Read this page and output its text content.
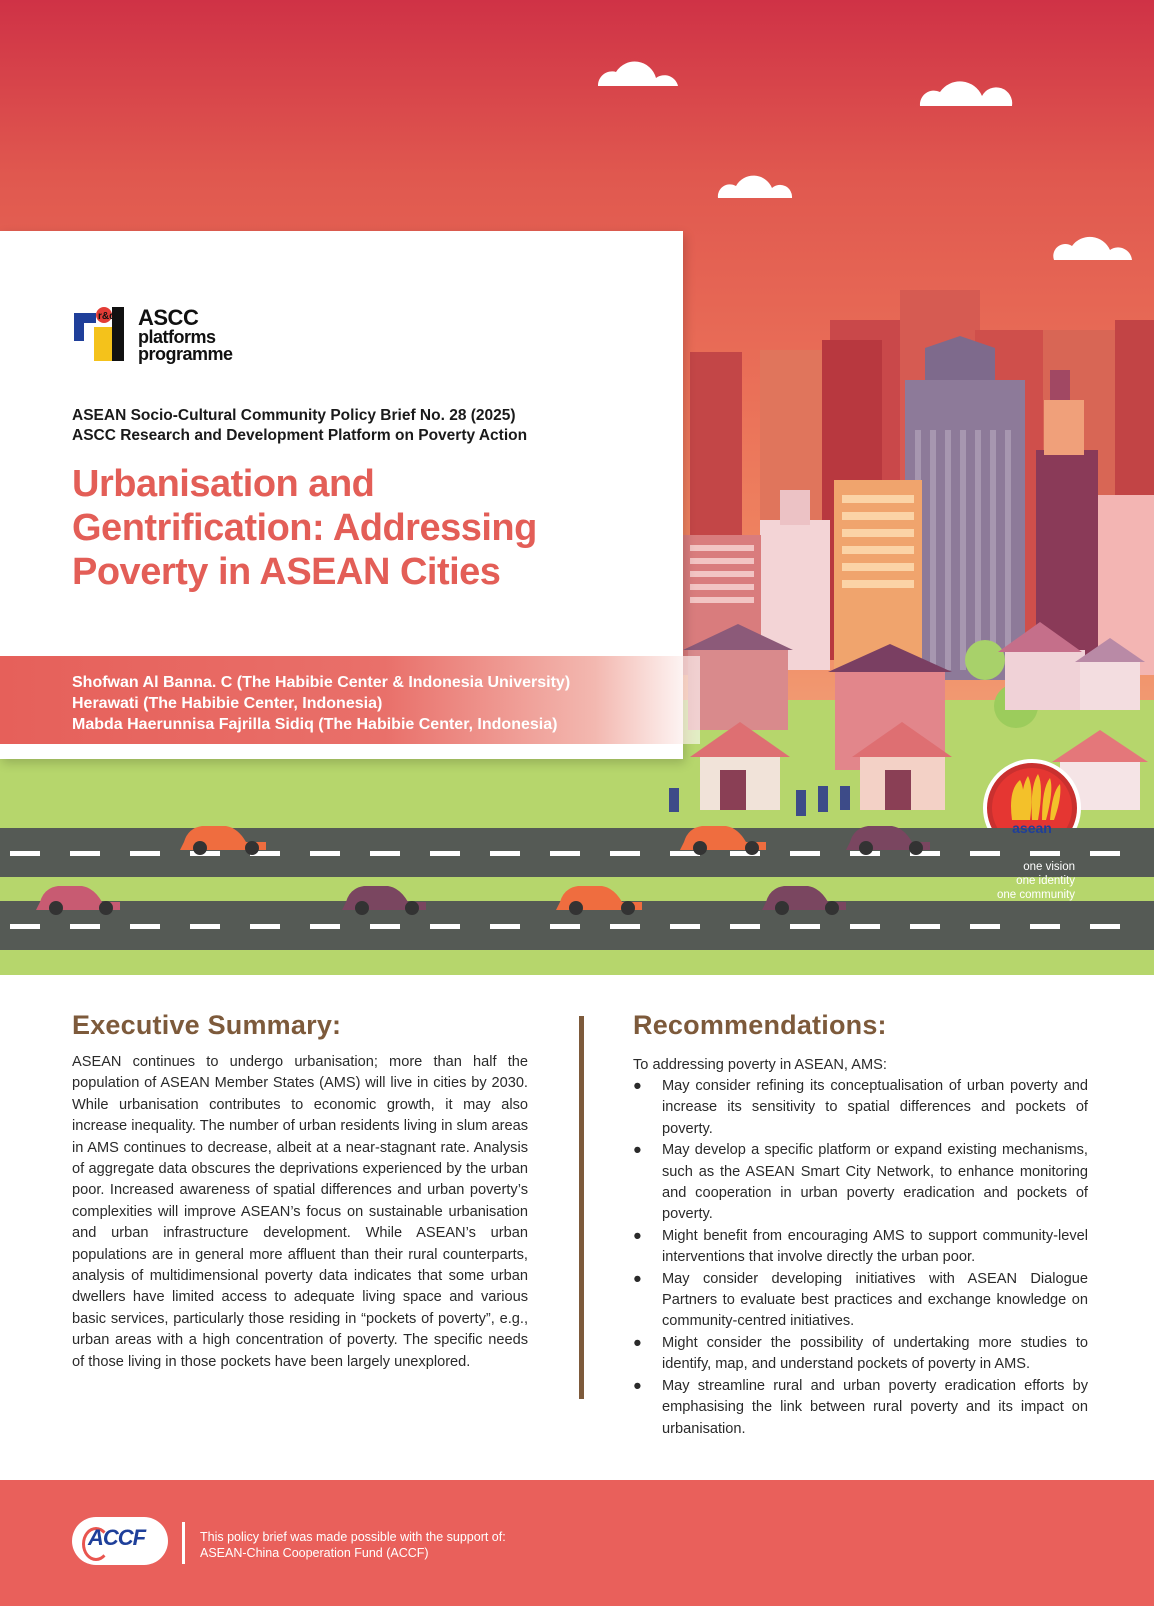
asean
one vision
one identity
one community
r&d ASCC
platforms
programme
ASEAN Socio-Cultural Community Policy Brief No. 28 (2025)
ASCC Research and Development Platform on Poverty Action
Urbanisation and
Gentrification: Addressing
Poverty in ASEAN Cities
Shofwan Al Banna. C (The Habibie Center & Indonesia University)
Herawati (The Habibie Center, Indonesia)
Mabda Haerunnisa Fajrilla Sidiq (The Habibie Center, Indonesia)
Executive Summary:
ASEAN continues to undergo urbanisation; more than half the population of ASEAN Member States (AMS) will live in cities by 2030. While urbanisation contributes to economic growth, it may also increase inequality. The number of urban residents living in slum areas in AMS continues to decrease, albeit at a near-stagnant rate. Analysis of aggregate data obscures the deprivations experienced by the urban poor. Increased awareness of spatial differences and urban poverty’s complexities will improve ASEAN’s focus on sustainable urbanisation and urban infrastructure development. While ASEAN’s urban populations are in general more affluent than their rural counterparts, analysis of multidimensional poverty data indicates that some urban dwellers have limited access to adequate living space and various basic services, particularly those residing in “pockets of poverty”, e.g., urban areas with a high concentration of poverty. The specific needs of those living in those pockets have been largely unexplored.
Recommendations:
To addressing poverty in ASEAN, AMS:
● May consider refining its conceptualisation of urban poverty and increase its sensitivity to spatial differences and pockets of poverty.
● May develop a specific platform or expand existing mechanisms, such as the ASEAN Smart City Network, to enhance monitoring and cooperation in urban poverty eradication and pockets of poverty.
● Might benefit from encouraging AMS to support community-level interventions that involve directly the urban poor.
● May consider developing initiatives with ASEAN Dialogue Partners to evaluate best practices and exchange knowledge on community-centred initiatives.
● Might consider the possibility of undertaking more studies to identify, map, and understand pockets of poverty in AMS.
● May streamline rural and urban poverty eradication efforts by emphasising the link between rural poverty and its impact on urbanisation.
ACCF	This policy brief was made possible with the support of:
ASEAN-China Cooperation Fund (ACCF)
